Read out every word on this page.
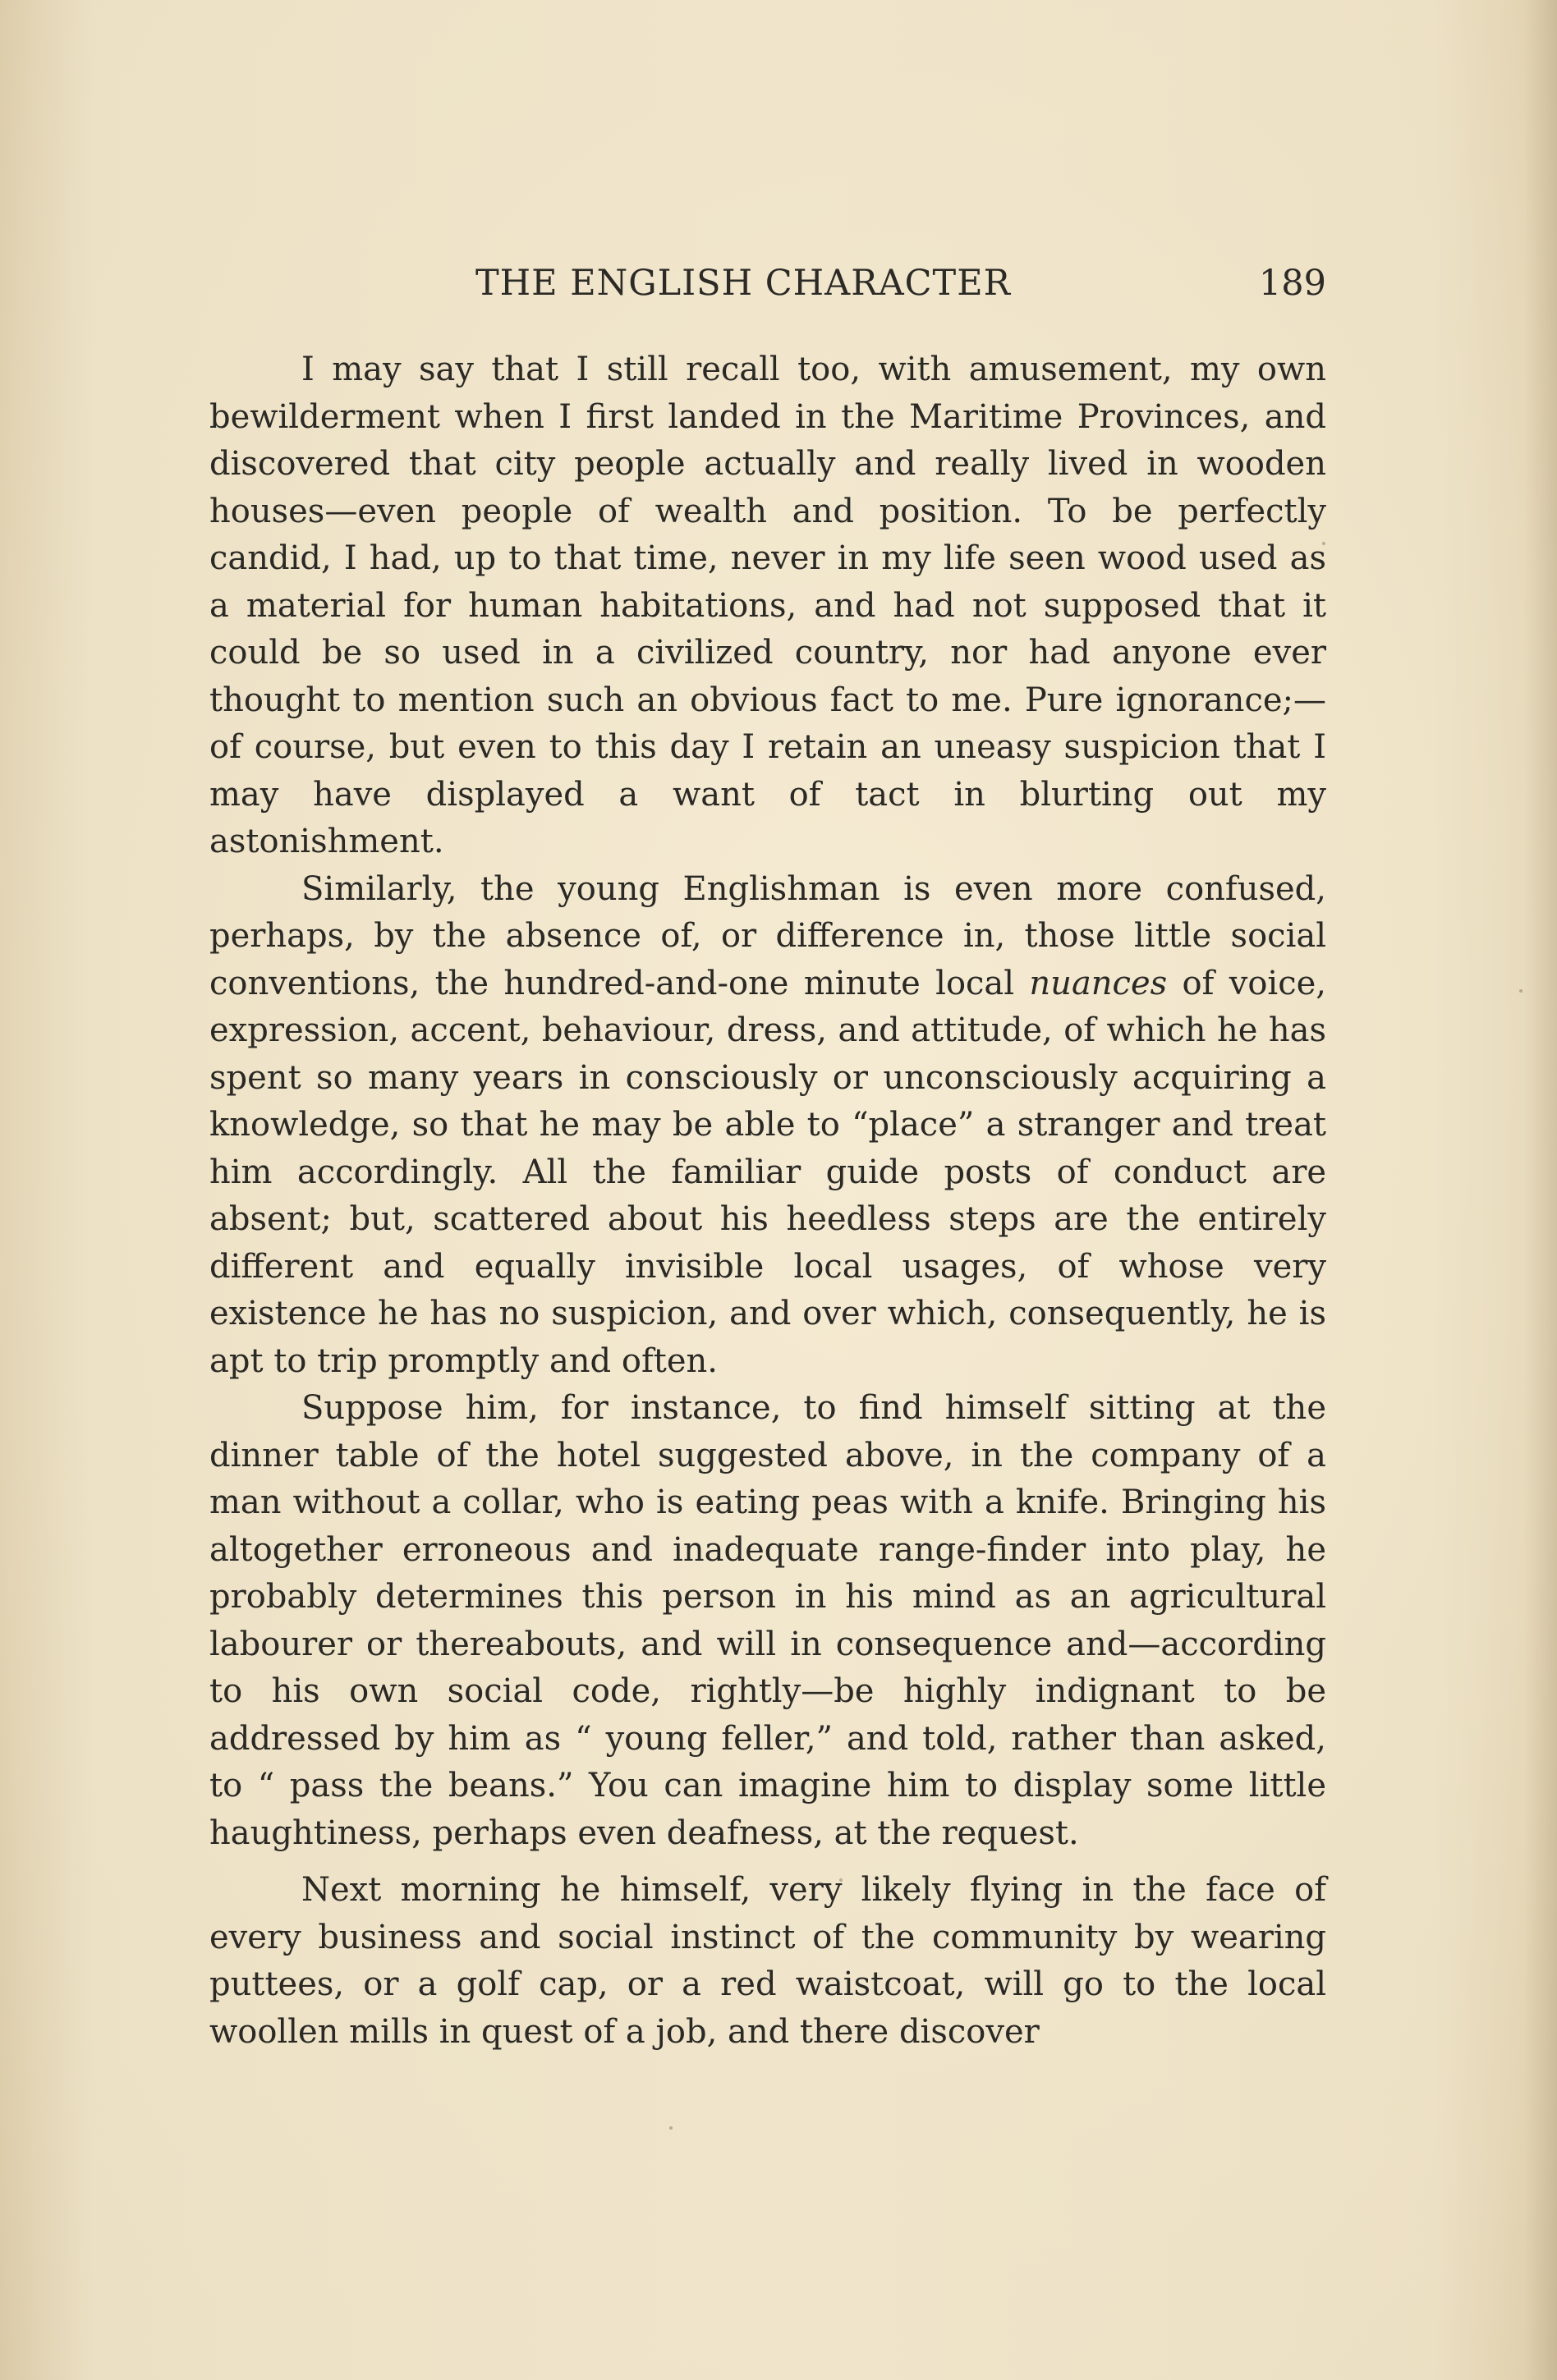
THE ENGLISH CHARACTER	189

I may say that I still recall too, with amusement, my own bewilderment when I first landed in the Maritime Provinces, and discovered that city people actually and really lived in wooden houses—even people of wealth and position. To be perfectly candid, I had, up to that time, never in my life seen wood used as a material for human habitations, and had not supposed that it could be so used in a civilized country, nor had anyone ever thought to mention such an obvious fact to me. Pure ignorance;—of course, but even to this day I retain an uneasy suspicion that I may have displayed a want of tact in blurting out my astonishment.

Similarly, the young Englishman is even more confused, perhaps, by the absence of, or difference in, those little social conventions, the hundred-and-one minute local nuances of voice, expression, accent, behaviour, dress, and attitude, of which he has spent so many years in consciously or unconsciously acquiring a knowledge, so that he may be able to “place” a stranger and treat him accordingly. All the familiar guide posts of conduct are absent; but, scattered about his heedless steps are the entirely different and equally invisible local usages, of whose very existence he has no suspicion, and over which, consequently, he is apt to trip promptly and often.

Suppose him, for instance, to find himself sitting at the dinner table of the hotel suggested above, in the company of a man without a collar, who is eating peas with a knife. Bringing his altogether erroneous and inadequate range-finder into play, he probably determines this person in his mind as an agricultural labourer or thereabouts, and will in consequence and—according to his own social code, rightly—be highly indignant to be addressed by him as “ young feller,” and told, rather than asked, to “ pass the beans.” You can imagine him to display some little haughtiness, perhaps even deafness, at the request.

Next morning he himself, very likely flying in the face of every business and social instinct of the community by wearing puttees, or a golf cap, or a red waistcoat, will go to the local woollen mills in quest of a job, and there discover
